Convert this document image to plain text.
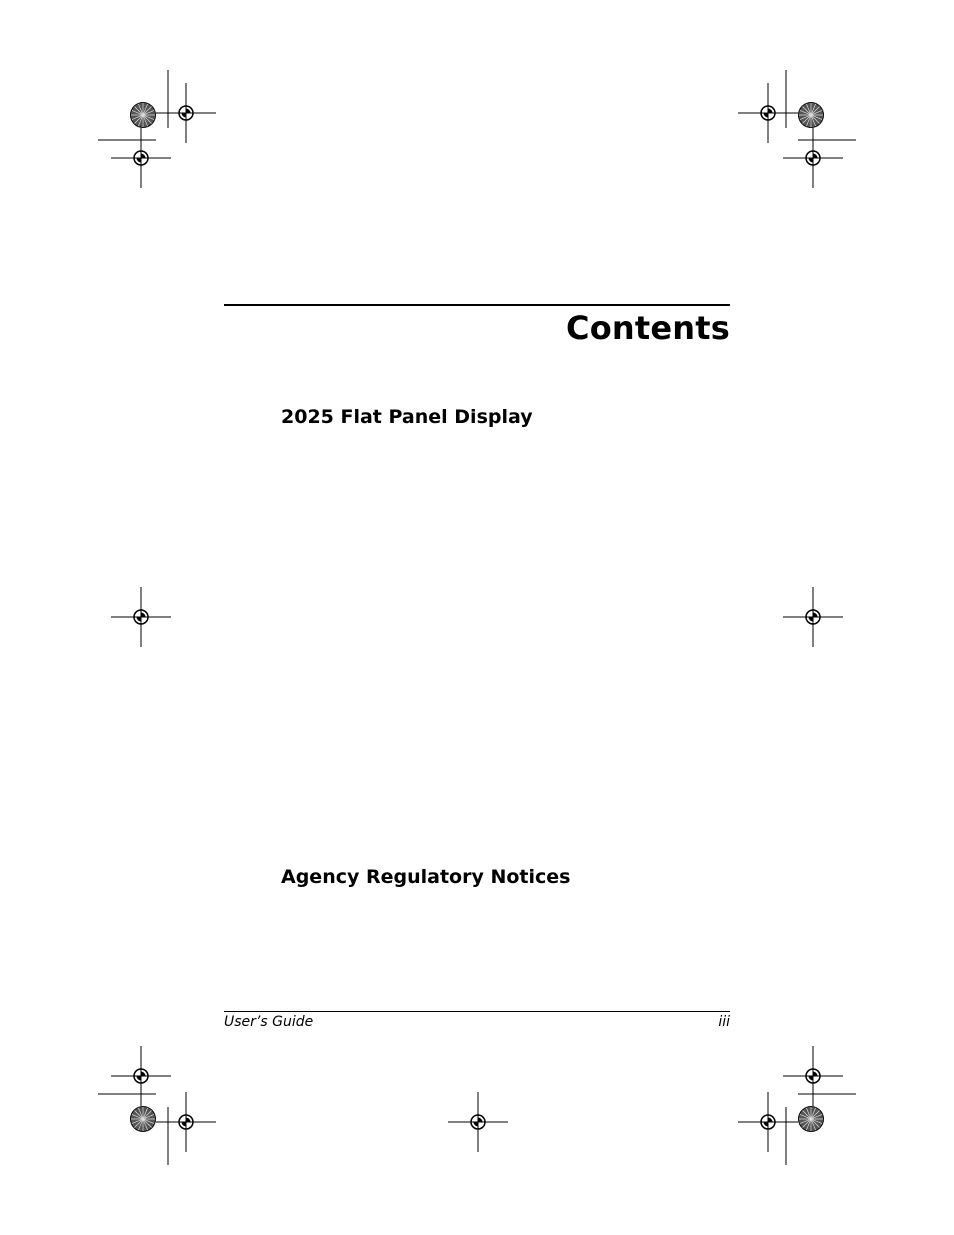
Contents
2025 Flat Panel Display
Agency Regulatory Notices
User’s Guide	iii
